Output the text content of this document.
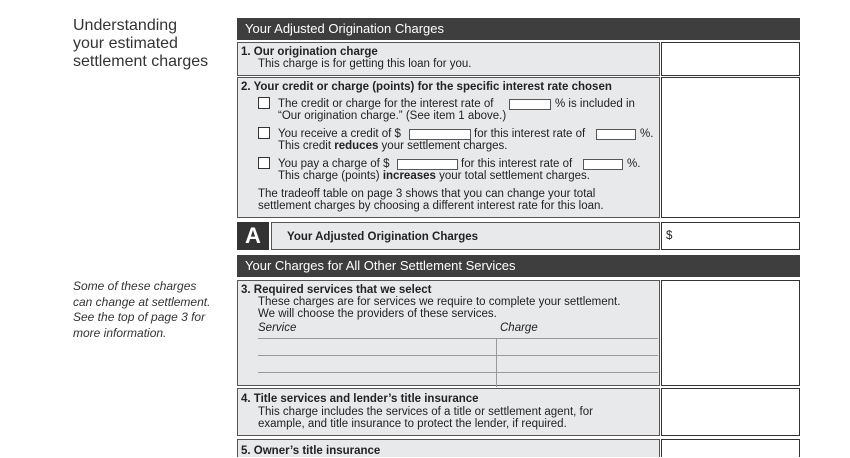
Understanding
your estimated
settlement charges
Some of these charges
can change at settlement.
See the top of page 3 for
more information.
Your Adjusted Origination Charges
1. Our origination charge
This charge is for getting this loan for you.
2. Your credit or charge (points) for the specific interest rate chosen
The credit or charge for the interest rate of	% is included in
“Our origination charge.” (See item 1 above.)
You receive a credit of $	for this interest rate of	%.
This credit reduces your settlement charges.
You pay a charge of $	for this interest rate of	%.
This charge (points) increases your total settlement charges.
The tradeoff table on page 3 shows that you can change your total
settlement charges by choosing a different interest rate for this loan.
A	Your Adjusted Origination Charges	$
Your Charges for All Other Settlement Services
3. Required services that we select
These charges are for services we require to complete your settlement.
We will choose the providers of these services.
Service	Charge
4. Title services and lender’s title insurance
This charge includes the services of a title or settlement agent, for
example, and title insurance to protect the lender, if required.
5. Owner’s title insurance
